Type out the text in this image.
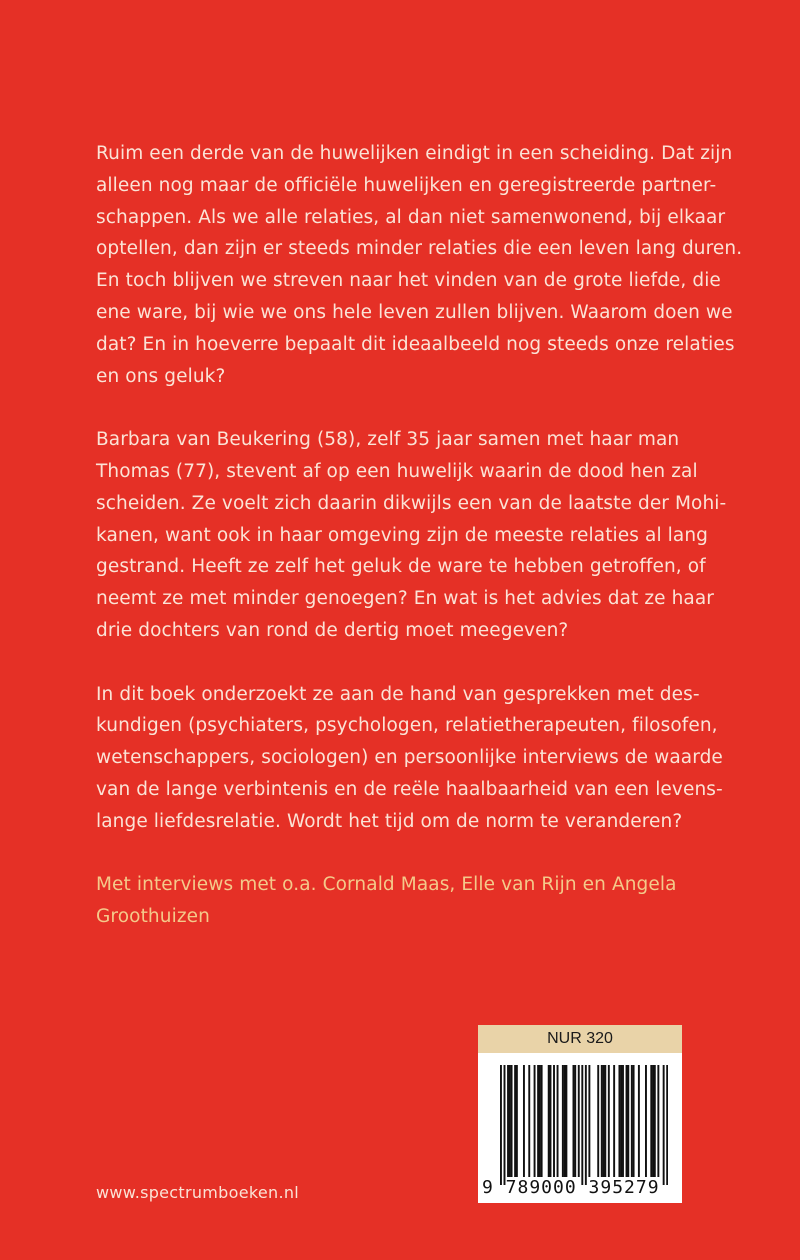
Ruim een derde van de huwelijken eindigt in een scheiding. Dat zijn
alleen nog maar de officiële huwelijken en geregistreerde partner-
schappen. Als we alle relaties, al dan niet samenwonend, bij elkaar
optellen, dan zijn er steeds minder relaties die een leven lang duren.
En toch blijven we streven naar het vinden van de grote liefde, die
ene ware, bij wie we ons hele leven zullen blijven. Waarom doen we
dat? En in hoeverre bepaalt dit ideaalbeeld nog steeds onze relaties
en ons geluk?

Barbara van Beukering (58), zelf 35 jaar samen met haar man
Thomas (77), stevent af op een huwelijk waarin de dood hen zal
scheiden. Ze voelt zich daarin dikwijls een van de laatste der Mohi-
kanen, want ook in haar omgeving zijn de meeste relaties al lang
gestrand. Heeft ze zelf het geluk de ware te hebben getroffen, of
neemt ze met minder genoegen? En wat is het advies dat ze haar
drie dochters van rond de dertig moet meegeven?

In dit boek onderzoekt ze aan de hand van gesprekken met des-
kundigen (psychiaters, psychologen, relatietherapeuten, filosofen,
wetenschappers, sociologen) en persoonlijke interviews de waarde
van de lange verbintenis en de reële haalbaarheid van een levens-
lange liefdesrelatie. Wordt het tijd om de norm te veranderen?

Met interviews met o.a. Cornald Maas, Elle van Rijn en Angela
Groothuizen

www.spectrumboeken.nl
NUR 320
9 789000 395279
